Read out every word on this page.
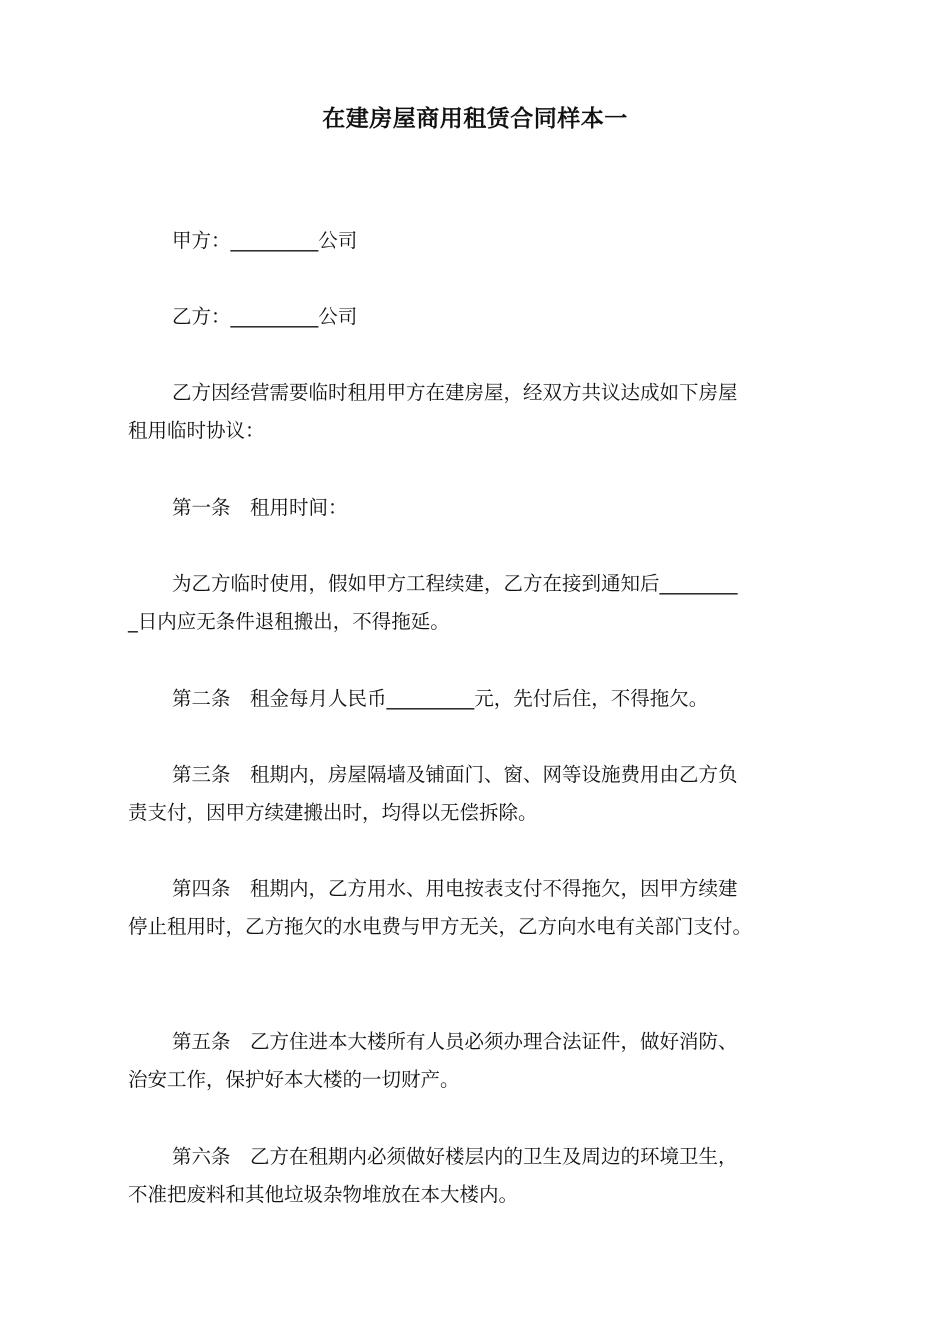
在建房屋商用租赁合同样本一
甲方：_________公司
乙方：_________公司
乙方因经营需要临时租用甲方在建房屋，经双方共议达成如下房屋
租用临时协议：
第一条　租用时间：
为乙方临时使用，假如甲方工程续建，乙方在接到通知后________
_日内应无条件退租搬出，不得拖延。
第二条　租金每月人民币_________元，先付后住，不得拖欠。
第三条　租期内，房屋隔墙及铺面门、窗、网等设施费用由乙方负
责支付，因甲方续建搬出时，均得以无偿拆除。
第四条　租期内，乙方用水、用电按表支付不得拖欠，因甲方续建
停止租用时，乙方拖欠的水电费与甲方无关，乙方向水电有关部门支付。
第五条　乙方住进本大楼所有人员必须办理合法证件，做好消防、
治安工作，保护好本大楼的一切财产。
第六条　乙方在租期内必须做好楼层内的卫生及周边的环境卫生，
不准把废料和其他垃圾杂物堆放在本大楼内。
